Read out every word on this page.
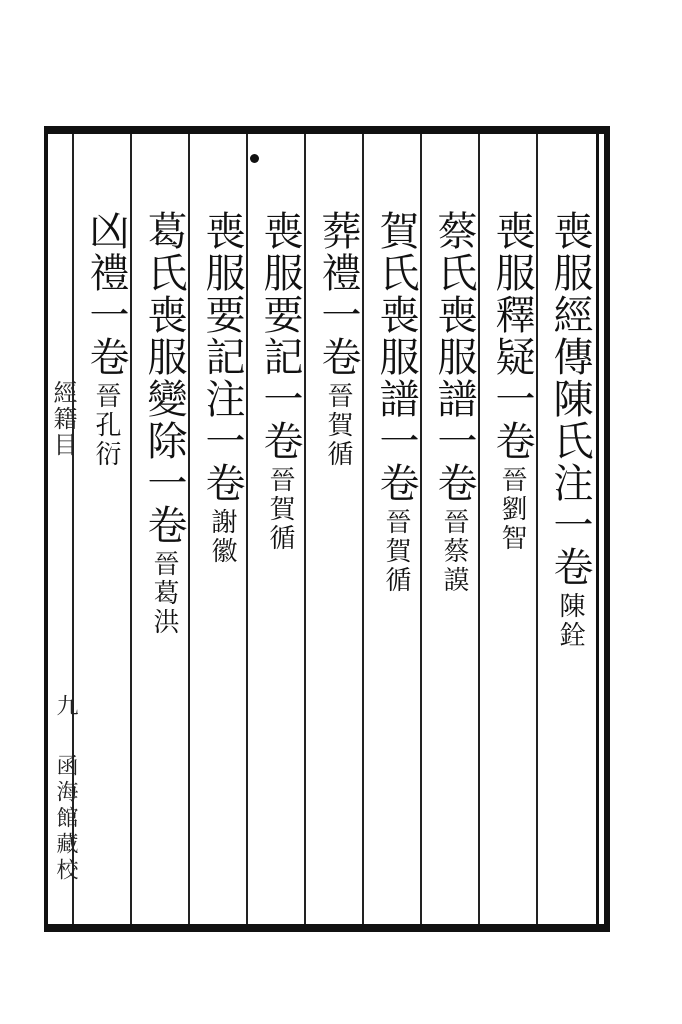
喪服經傳陳氏注一卷陳銓
喪服釋疑一卷晉劉智
蔡氏喪服譜一卷晉蔡謨
賀氏喪服譜一卷晉賀循
葬禮一卷晉賀循
喪服要記一卷晉賀循
喪服要記注一卷謝徽
葛氏喪服變除一卷晉葛洪
凶禮一卷晉孔衍
經籍目
九
函海館藏校
